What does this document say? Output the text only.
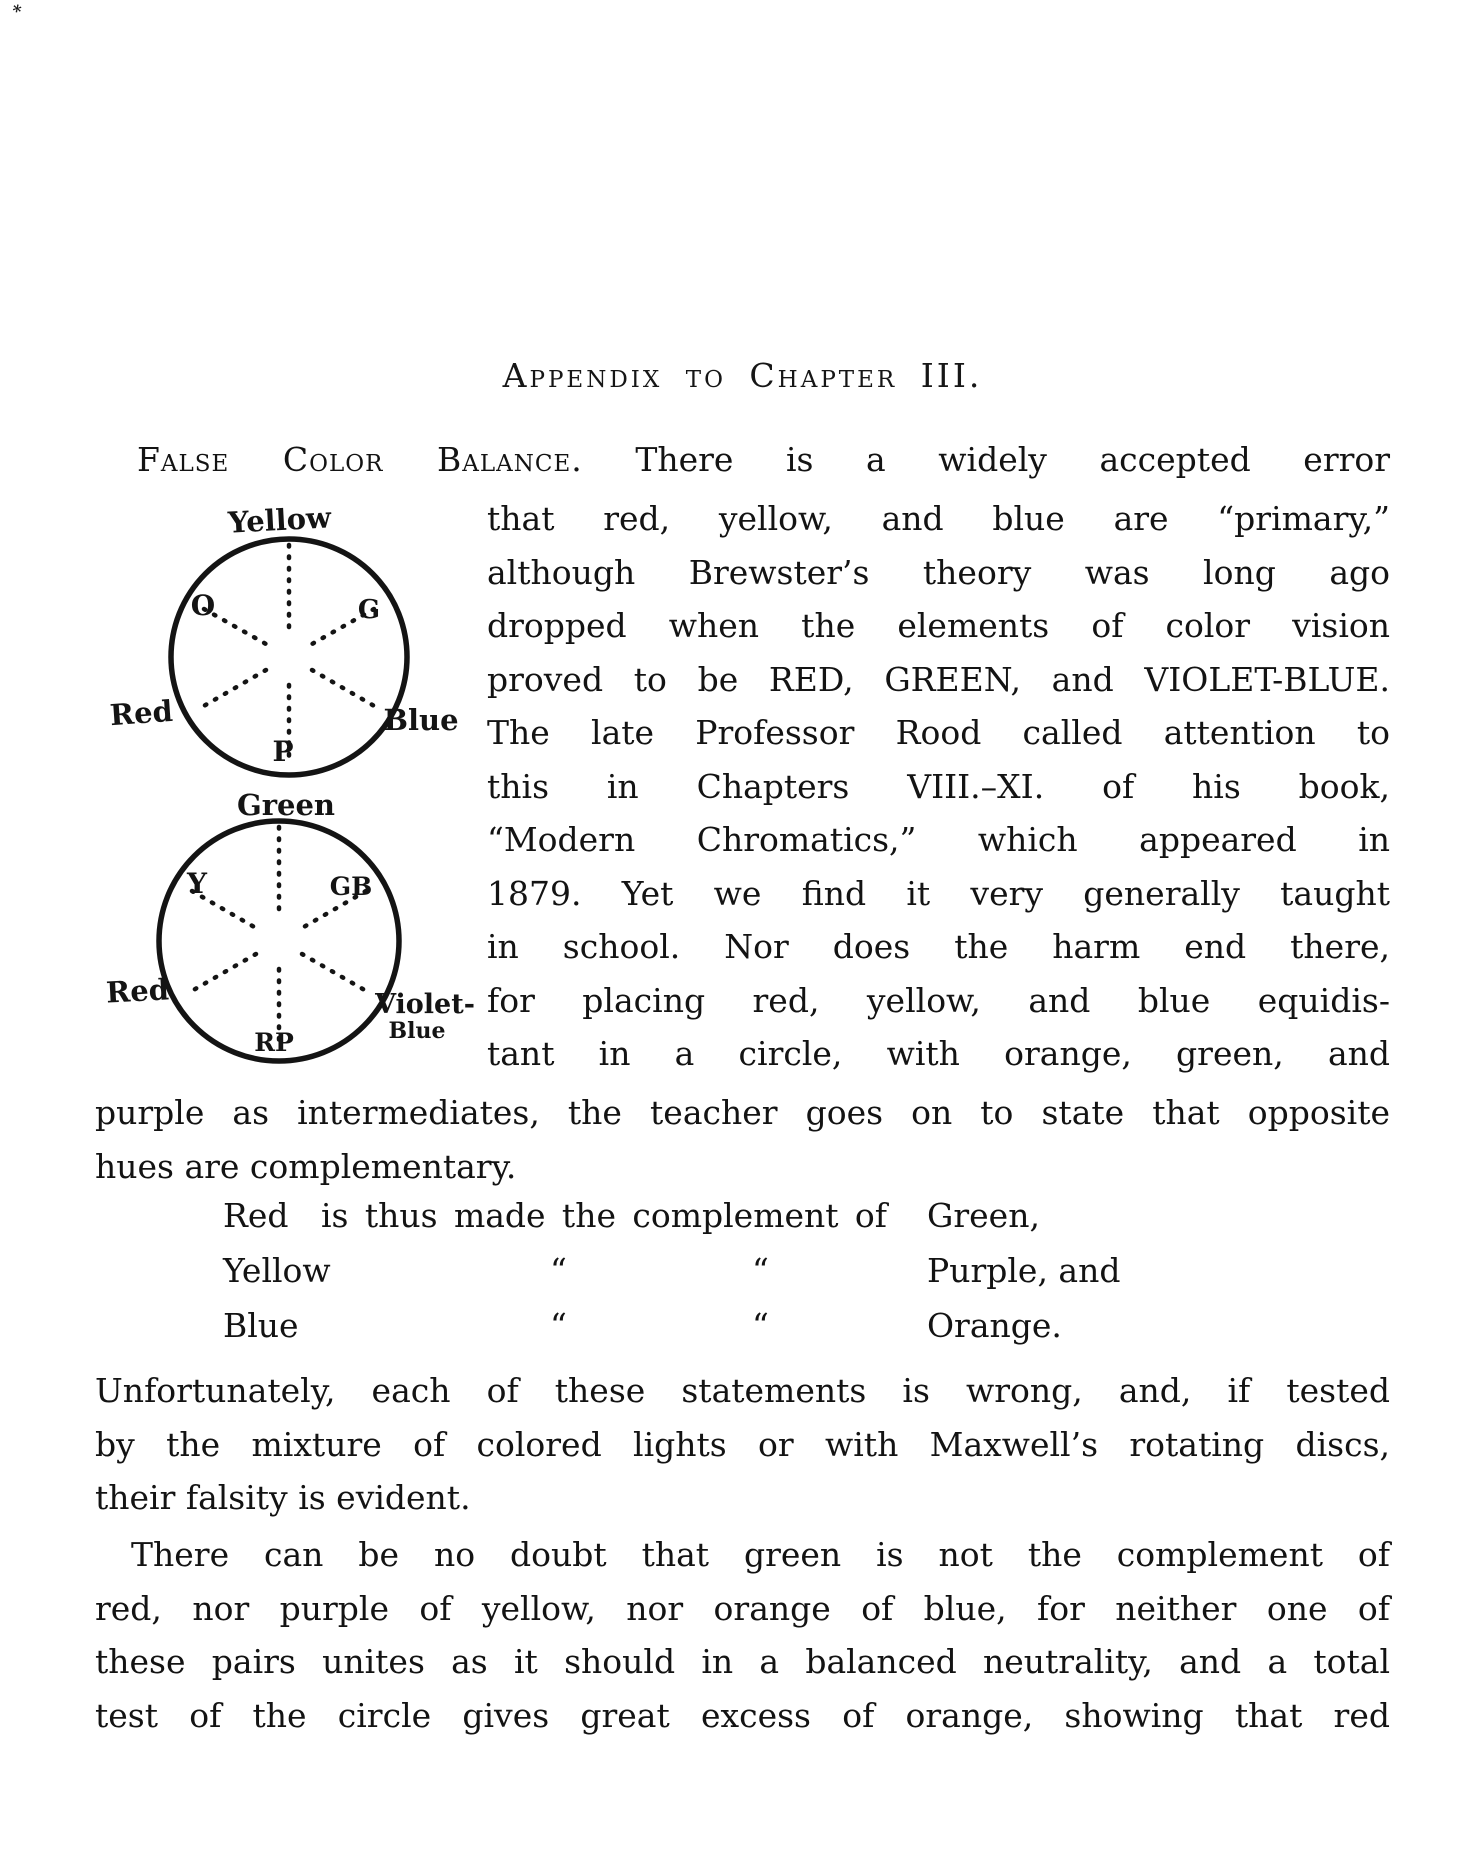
*
Appendix to Chapter III.
False Color Balance. There is a widely accepted error
Yellow
Red	Blue
O	G
P
Green
Red	Violet-
Blue
Y	GB
RP
that red, yellow, and blue are “primary,”
although Brewster’s theory was long ago
dropped when the elements of color vision
proved to be RED, GREEN, and VIOLET-BLUE.
The late Professor Rood called attention to
this in Chapters VIII.–XI. of his book,
“Modern Chromatics,” which appeared in
1879. Yet we find it very generally taught
in school. Nor does the harm end there,
for placing red, yellow, and blue equidis-
tant in a circle, with orange, green, and
purple as intermediates, the teacher goes on to state that opposite
hues are complementary.
Red is thus made the complement of Green,
Yellow	“	“	Purple, and
Blue	“	“	Orange.
Unfortunately, each of these statements is wrong, and, if tested
by the mixture of colored lights or with Maxwell’s rotating discs,
their falsity is evident.
There can be no doubt that green is not the complement of
red, nor purple of yellow, nor orange of blue, for neither one of
these pairs unites as it should in a balanced neutrality, and a total
test of the circle gives great excess of orange, showing that red
